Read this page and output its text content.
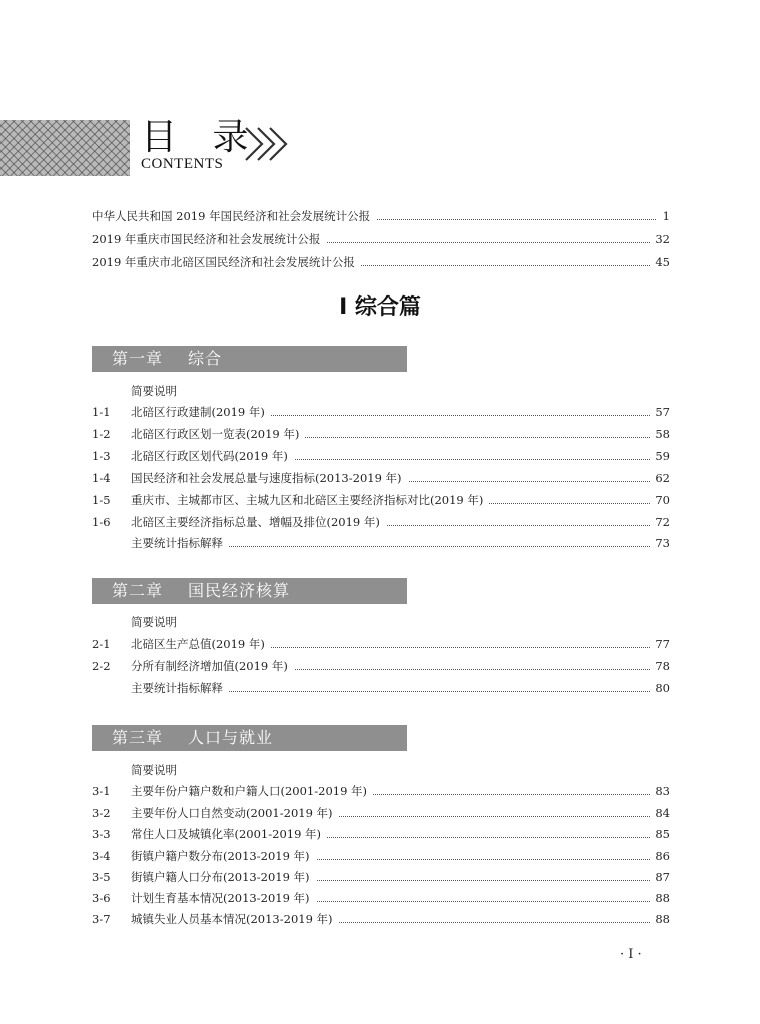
目 录
CONTENTS
中华人民共和国 2019 年国民经济和社会发展统计公报	1
2019 年重庆市国民经济和社会发展统计公报	32
2019 年重庆市北碚区国民经济和社会发展统计公报	45
Ⅰ 综合篇
第一章 综合
简要说明
1-1	北碚区行政建制(2019 年)	57
1-2	北碚区行政区划一览表(2019 年)	58
1-3	北碚区行政区划代码(2019 年)	59
1-4	国民经济和社会发展总量与速度指标(2013-2019 年)	62
1-5	重庆市、主城都市区、主城九区和北碚区主要经济指标对比(2019 年)	70
1-6	北碚区主要经济指标总量、增幅及排位(2019 年)	72
主要统计指标解释	73
第二章 国民经济核算
简要说明
2-1	北碚区生产总值(2019 年)	77
2-2	分所有制经济增加值(2019 年)	78
主要统计指标解释	80
第三章 人口与就业
简要说明
3-1	主要年份户籍户数和户籍人口(2001-2019 年)	83
3-2	主要年份人口自然变动(2001-2019 年)	84
3-3	常住人口及城镇化率(2001-2019 年)	85
3-4	街镇户籍户数分布(2013-2019 年)	86
3-5	街镇户籍人口分布(2013-2019 年)	87
3-6	计划生育基本情况(2013-2019 年)	88
3-7	城镇失业人员基本情况(2013-2019 年)	88
· Ⅰ ·
